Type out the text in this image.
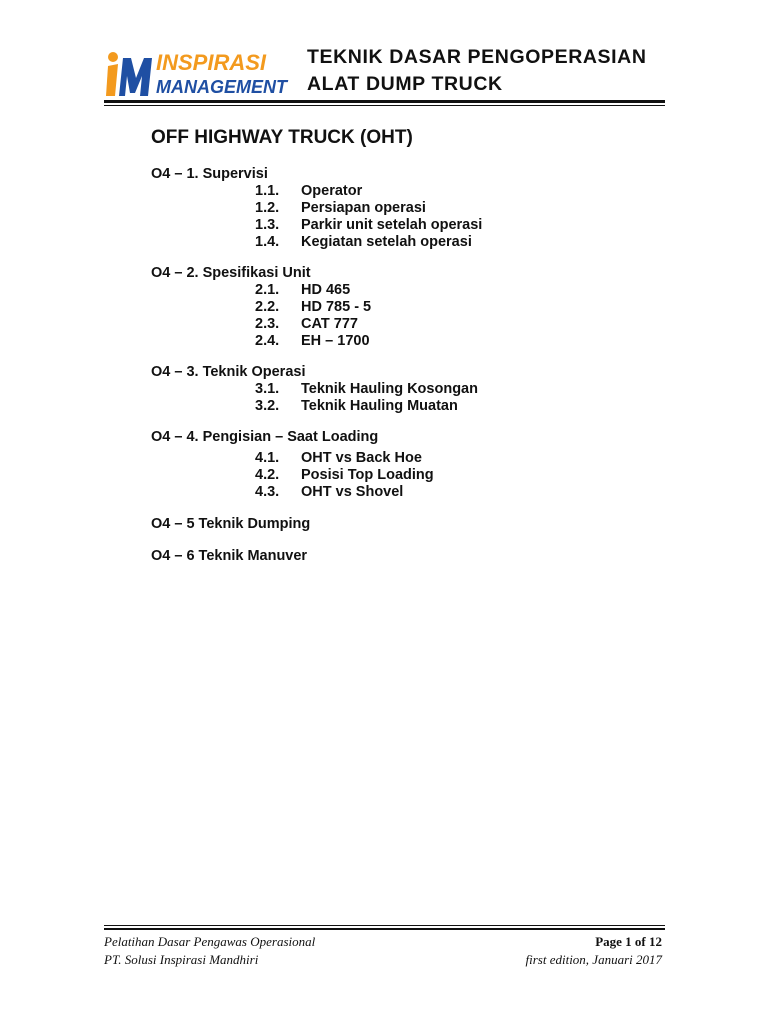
INSPIRASI
MANAGEMENT
TEKNIK DASAR PENGOPERASIAN
ALAT DUMP TRUCK
OFF HIGHWAY TRUCK (OHT)
O4 – 1. Supervisi
1.1. Operator
1.2. Persiapan operasi
1.3. Parkir unit setelah operasi
1.4. Kegiatan setelah operasi
O4 – 2. Spesifikasi Unit
2.1. HD 465
2.2. HD 785 - 5
2.3. CAT 777
2.4. EH – 1700
O4 – 3. Teknik Operasi
3.1. Teknik Hauling Kosongan
3.2. Teknik Hauling Muatan
O4 – 4. Pengisian – Saat Loading
4.1. OHT vs Back Hoe
4.2. Posisi Top Loading
4.3. OHT vs Shovel
O4 – 5 Teknik Dumping
O4 – 6 Teknik Manuver
Pelatihan Dasar Pengawas Operasional
PT. Solusi Inspirasi Mandhiri
Page 1 of 12
first edition, Januari 2017
